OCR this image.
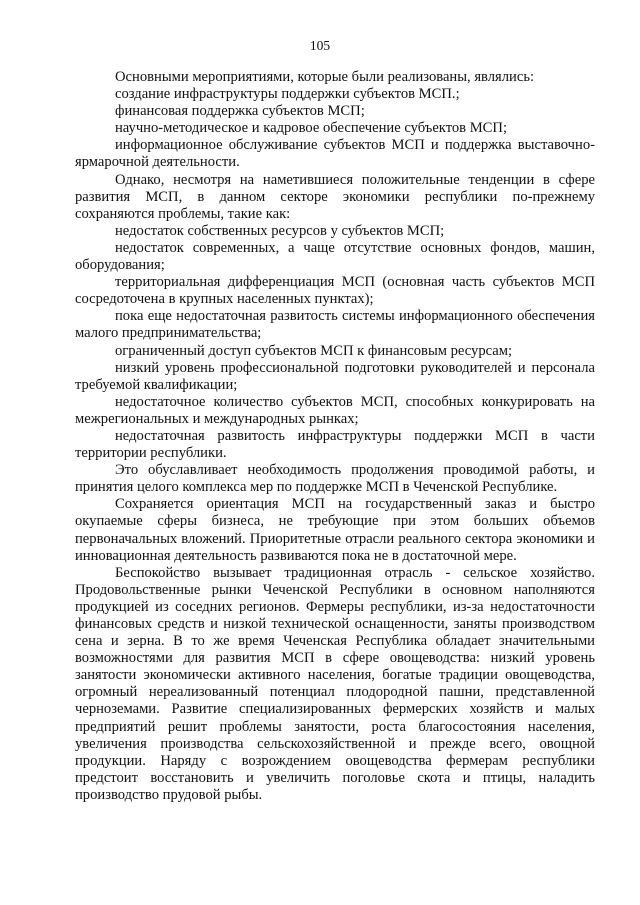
105

Основными мероприятиями, которые были реализованы, являлись:

создание инфраструктуры поддержки субъектов МСП.;

финансовая поддержка субъектов МСП;

научно-методическое и кадровое обеспечение субъектов МСП;

информационное обслуживание субъектов МСП и поддержка выставочно-ярмарочной деятельности.

Однако, несмотря на наметившиеся положительные тенденции в сфере развития МСП, в данном секторе экономики республики по-прежнему сохраняются проблемы, такие как:

недостаток собственных ресурсов у субъектов МСП;

недостаток современных, а чаще отсутствие основных фондов, машин, оборудования;

территориальная дифференциация МСП (основная часть субъектов МСП сосредоточена в крупных населенных пунктах);

пока еще недостаточная развитость системы информационного обеспечения малого предпринимательства;

ограниченный доступ субъектов МСП к финансовым ресурсам;

низкий уровень профессиональной подготовки руководителей и персонала требуемой квалификации;

недостаточное количество субъектов МСП, способных конкурировать на межрегиональных и международных рынках;

недостаточная развитость инфраструктуры поддержки МСП в части территории республики.

Это обуславливает необходимость продолжения проводимой работы, и принятия целого комплекса мер по поддержке МСП в Чеченской Республике.

Сохраняется ориентация МСП на государственный заказ и быстро окупаемые сферы бизнеса, не требующие при этом больших объемов первоначальных вложений. Приоритетные отрасли реального сектора экономики и инновационная деятельность развиваются пока не в достаточной мере.

Беспокойство вызывает традиционная отрасль - сельское хозяйство. Продовольственные рынки Чеченской Республики в основном наполняются продукцией из соседних регионов. Фермеры республики, из-за недостаточности финансовых средств и низкой технической оснащенности, заняты производством сена и зерна. В то же время Чеченская Республика обладает значительными возможностями для развития МСП в сфере овощеводства: низкий уровень занятости экономически активного населения, богатые традиции овощеводства, огромный нереализованный потенциал плодородной пашни, представленной черноземами. Развитие специализированных фермерских хозяйств и малых предприятий решит проблемы занятости, роста благосостояния населения, увеличения производства сельскохозяйственной и прежде всего, овощной продукции. Наряду с возрождением овощеводства фермерам республики предстоит восстановить и увеличить поголовье скота и птицы, наладить производство прудовой рыбы.
